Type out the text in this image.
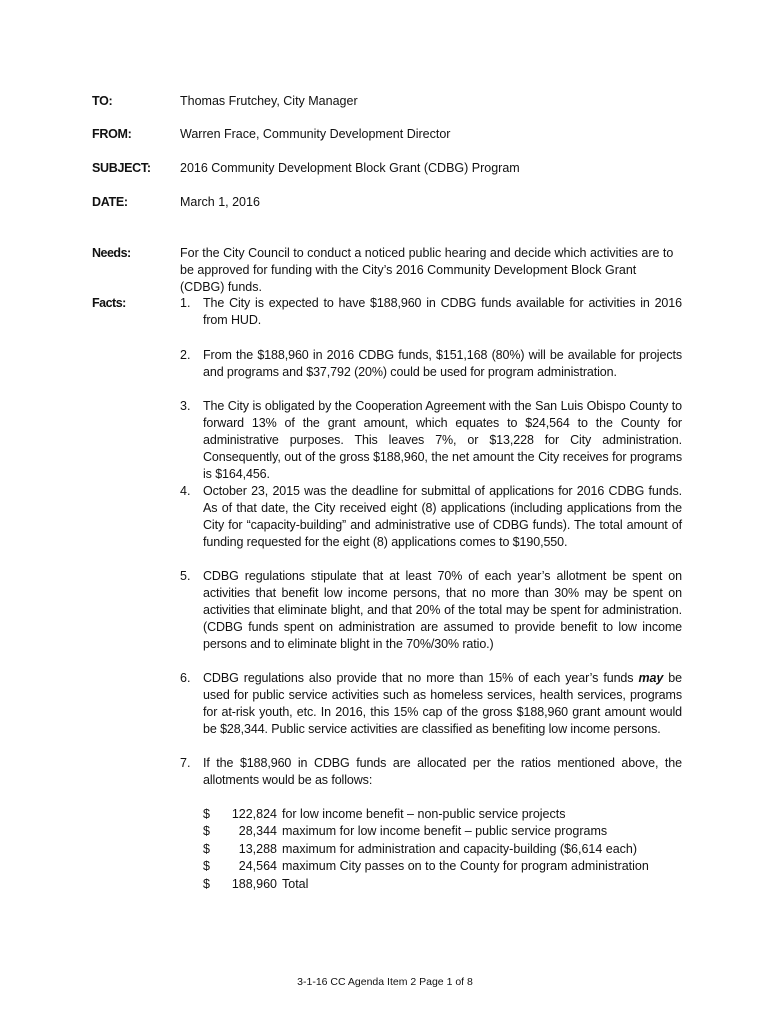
TO:	Thomas Frutchey, City Manager
FROM:	Warren Frace, Community Development Director
SUBJECT:	2016 Community Development Block Grant (CDBG) Program
DATE:	March 1, 2016
Needs:	For the City Council to conduct a noticed public hearing and decide which activities are to be approved for funding with the City’s 2016 Community Development Block Grant (CDBG) funds.
Facts:	1.	The City is expected to have $188,960 in CDBG funds available for activities in 2016 from HUD.
2.	From the $188,960 in 2016 CDBG funds, $151,168 (80%) will be available for projects and programs and $37,792 (20%) could be used for program administration.
3.	The City is obligated by the Cooperation Agreement with the San Luis Obispo County to forward 13% of the grant amount, which equates to $24,564 to the County for administrative purposes. This leaves 7%, or $13,228 for City administration. Consequently, out of the gross $188,960, the net amount the City receives for programs is $164,456.
4.	October 23, 2015 was the deadline for submittal of applications for 2016 CDBG funds. As of that date, the City received eight (8) applications (including applications from the City for “capacity-building” and administrative use of CDBG funds). The total amount of funding requested for the eight (8) applications comes to $190,550.
5.	CDBG regulations stipulate that at least 70% of each year’s allotment be spent on activities that benefit low income persons, that no more than 30% may be spent on activities that eliminate blight, and that 20% of the total may be spent for administration. (CDBG funds spent on administration are assumed to provide benefit to low income persons and to eliminate blight in the 70%/30% ratio.)
6.	CDBG regulations also provide that no more than 15% of each year’s funds may be used for public service activities such as homeless services, health services, programs for at-risk youth, etc. In 2016, this 15% cap of the gross $188,960 grant amount would be $28,344. Public service activities are classified as benefiting low income persons.
7.	If the $188,960 in CDBG funds are allocated per the ratios mentioned above, the allotments would be as follows:
$	122,824 for low income benefit – non-public service projects
$	28,344 maximum for low income benefit – public service programs
$	13,288 maximum for administration and capacity-building ($6,614 each)
$	24,564 maximum City passes on to the County for program administration
$	188,960 Total
3-1-16 CC Agenda Item 2 Page 1 of 8
